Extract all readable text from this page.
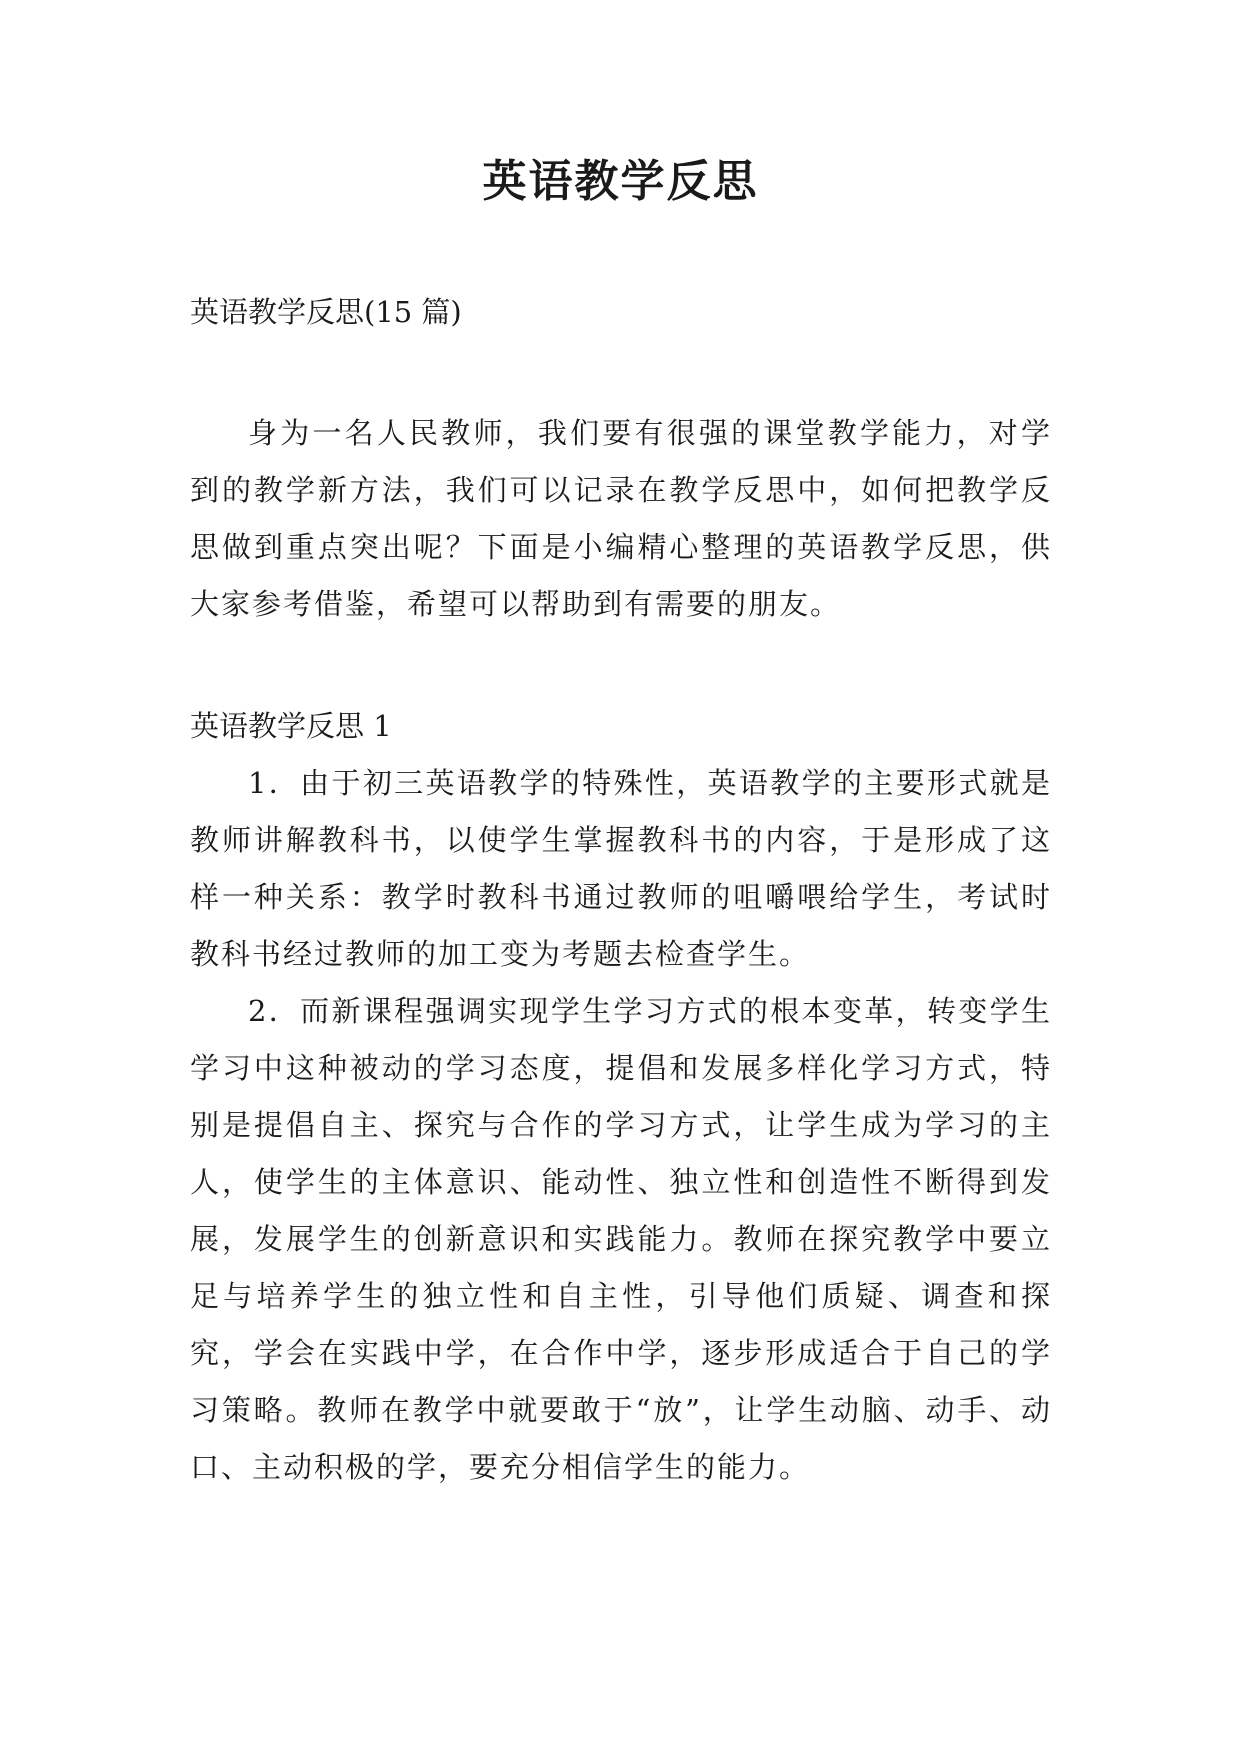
英语教学反思

英语教学反思(15 篇)

身为一名人民教师，我们要有很强的课堂教学能力，对学到的教学新方法，我们可以记录在教学反思中，如何把教学反思做到重点突出呢？下面是小编精心整理的英语教学反思，供大家参考借鉴，希望可以帮助到有需要的朋友。

英语教学反思 1

1．由于初三英语教学的特殊性，英语教学的主要形式就是教师讲解教科书，以使学生掌握教科书的内容，于是形成了这样一种关系：教学时教科书通过教师的咀嚼喂给学生，考试时教科书经过教师的加工变为考题去检查学生。

2．而新课程强调实现学生学习方式的根本变革，转变学生学习中这种被动的学习态度，提倡和发展多样化学习方式，特别是提倡自主、探究与合作的学习方式，让学生成为学习的主人，使学生的主体意识、能动性、独立性和创造性不断得到发展，发展学生的创新意识和实践能力。教师在探究教学中要立足与培养学生的独立性和自主性，引导他们质疑、调查和探究，学会在实践中学，在合作中学，逐步形成适合于自己的学习策略。教师在教学中就要敢于“放”，让学生动脑、动手、动口、主动积极的学，要充分相信学生的能力。
